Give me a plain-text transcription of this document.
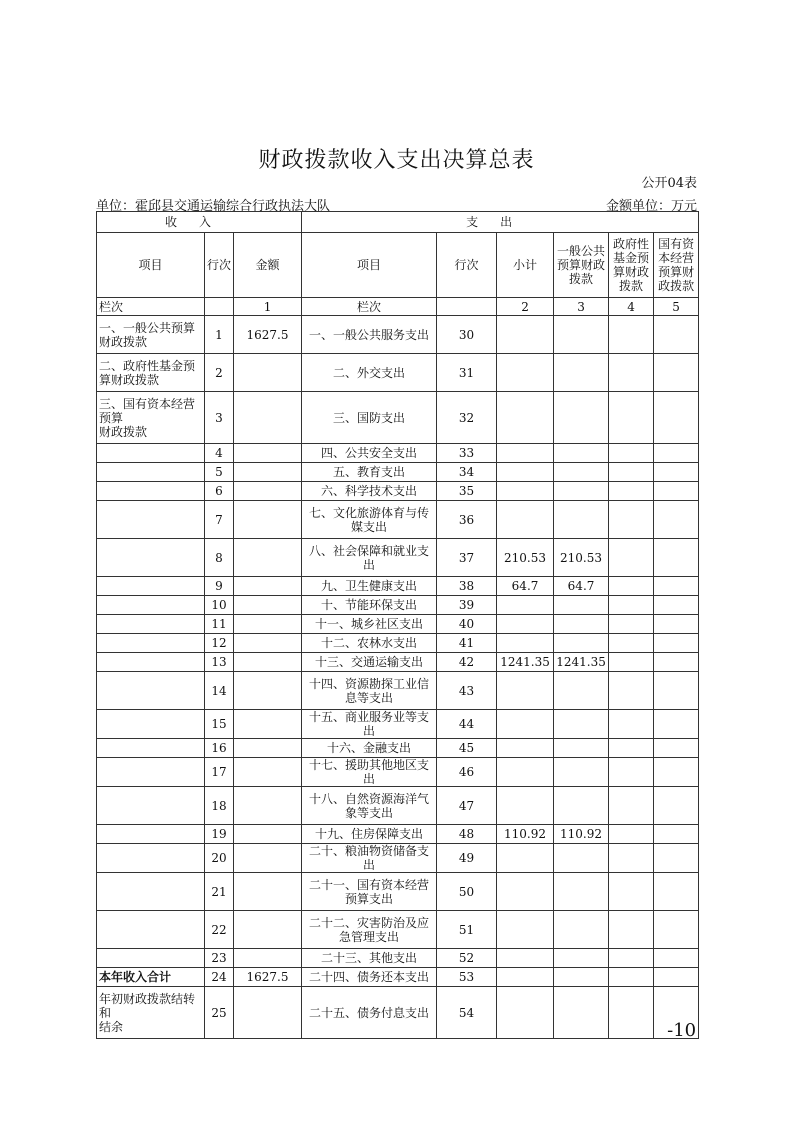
财政拨款收入支出决算总表
公开04表
单位：霍邱县交通运输综合行政执法大队	金额单位：万元
收入			支出					
项目	行次	金额	项目	行次	小计	一般公共预算财政拨款	政府性基金预算财政拨款	国有资本经营预算财政拨款
栏次		1	栏次		2	3	4	5
一、一般公共预算财政拨款	1	1627.5	一、一般公共服务支出	30				
二、政府性基金预算财政拨款	2		二、外交支出	31				
三、国有资本经营预算
财政拨款	3		三、国防支出	32				
	4		四、公共安全支出	33				
	5		五、教育支出	34				
	6		六、科学技术支出	35				
	7		七、文化旅游体育与传媒支出	36				
	8		八、社会保障和就业支出	37	210.53	210.53		
	9		九、卫生健康支出	38	64.7	64.7		
	10		十、节能环保支出	39				
	11		十一、城乡社区支出	40				
	12		十二、农林水支出	41				
	13		十三、交通运输支出	42	1241.35	1241.35		
	14		十四、资源勘探工业信息等支出	43				
	15		十五、商业服务业等支出	44				
	16		十六、金融支出	45				
	17		十七、援助其他地区支出	46				
	18		十八、自然资源海洋气象等支出	47				
	19		十九、住房保障支出	48	110.92	110.92		
	20		二十、粮油物资储备支出	49				
	21		二十一、国有资本经营预算支出	50				
	22		二十二、灾害防治及应急管理支出	51				
	23		二十三、其他支出	52				
本年收入合计	24	1627.5	二十四、债务还本支出	53				
年初财政拨款结转和
结余	25		二十五、债务付息支出	54				-10
